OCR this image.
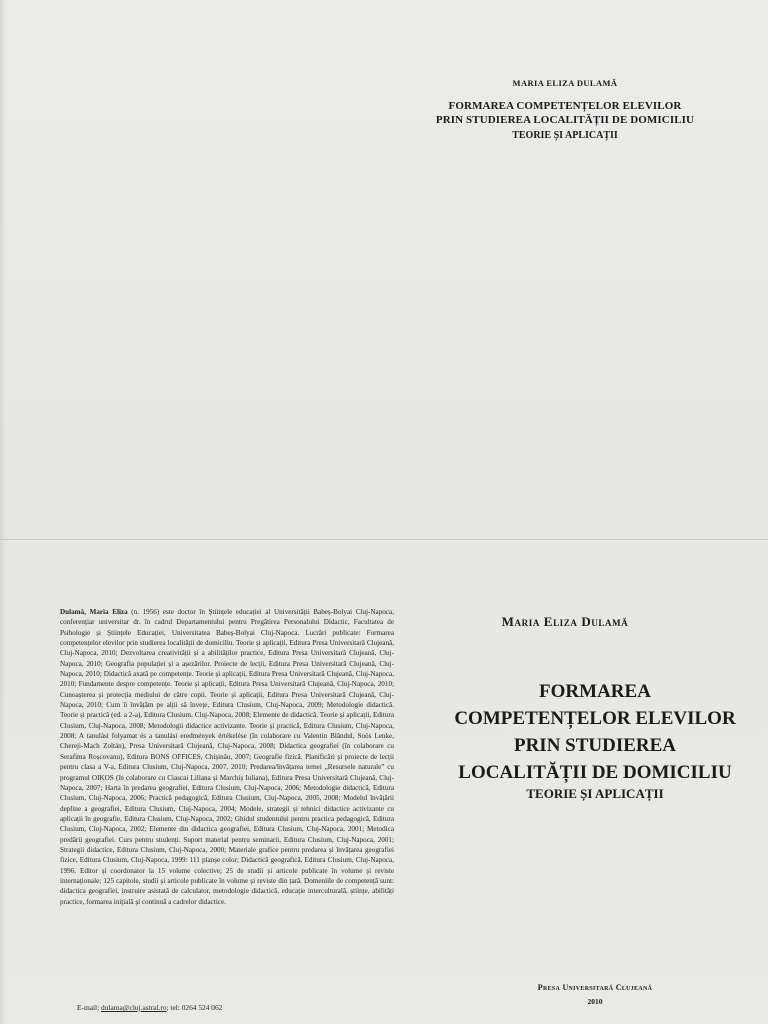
MARIA ELIZA DULAMĂ
FORMAREA COMPETENȚELOR ELEVILOR
PRIN STUDIEREA LOCALITĂȚII DE DOMICILIU
TEORIE ȘI APLICAȚII
Dulamă, Maria Eliza (n. 1956) este doctor în Științele educației al Universității Babeș-Bolyai Cluj-Napoca, conferențiar universitar dr. în cadrul Departamentului pentru Pregătirea Personalului Didactic, Facultatea de Psihologie și Științele Educației, Universitatea Babeș-Bolyai Cluj-Napoca. Lucrări publicate: Formarea competențelor elevilor prin studierea localității de domiciliu. Teorie și aplicații, Editura Presa Universitară Clujeană, Cluj-Napoca, 2010; Dezvoltarea creativității și a abilităților practice, Editura Presa Universitară Clujeană, Cluj-Napoca, 2010; Geografia populației și a așezărilor. Proiecte de lecții, Editura Presa Universitară Clujeană, Cluj-Napoca, 2010; Didactică axată pe competențe. Teorie și aplicații, Editura Presa Universitară Clujeană, Cluj-Napoca, 2010; Fundamente despre competențe. Teorie și aplicații, Editura Presa Universitară Clujeană, Cluj-Napoca, 2010; Cunoașterea și protecția mediului de către copii. Teorie și aplicații, Editura Presa Universitară Clujeană, Cluj-Napoca, 2010; Cum îi învățăm pe alții să învețe, Editura Clusium, Cluj-Napoca, 2009; Metodologie didactică. Teorie și practică (ed. a 2-a), Editura Clusium, Cluj-Napoca, 2008; Elemente de didactică. Teorie și aplicații, Editura Clusium, Cluj-Napoca, 2008; Metodologii didactice activizante. Teorie și practică, Editura Clusium, Cluj-Napoca, 2008; A tanulási folyamat és a tanulási eredmények értékelése (în colaborare cu Valentin Blăndul, Soós Lenke, Chereji-Mach Zoltán), Presa Universitară Clujeană, Cluj-Napoca, 2008; Didactica geografiei (în colaborare cu Serafima Roșcovanu), Editura BONS OFFICES, Chișinău, 2007; Geografie fizică. Planificări și proiecte de lecții pentru clasa a V-a, Editura Clusium, Cluj-Napoca, 2007, 2010; Predarea/învățarea temei „Resursele naturale” cu programul OIKOS (în colaborare cu Ciascai Liliana și Marchiș Iuliana), Editura Presa Universitară Clujeană, Cluj-Napoca, 2007; Harta în predarea geografiei, Editura Clusium, Cluj-Napoca, 2006; Metodologie didactică, Editura Clusium, Cluj-Napoca, 2006; Practică pedagogică, Editura Clusium, Cluj-Napoca, 2005, 2008; Modelul învățării depline a geografiei, Editura Clusium, Cluj-Napoca, 2004; Modele, strategii și tehnici didactice activizante cu aplicații în geografie, Editura Clusium, Cluj-Napoca, 2002; Ghidul studentului pentru practica pedagogică, Editura Clusium, Cluj-Napoca, 2002; Elemente din didactica geografiei, Editura Clusium, Cluj-Napoca, 2001; Metodica predării geografiei. Curs pentru studenți. Suport material pentru seminarii, Editura Clusium, Cluj-Napoca, 2001; Strategii didactice, Editura Clusium, Cluj-Napoca, 2000; Materiale grafice pentru predarea și învățarea geografiei fizice, Editura Clusium, Cluj-Napoca, 1999: 111 planșe color; Didactică geografică, Editura Clusium, Cluj-Napoca, 1996. Editor și coordonator la 15 volume colective; 25 de studii și articole publicate în volume și reviste internaționale; 125 capitole, studii și articole publicate în volume și reviste din țară. Domeniile de competență sunt: didactica geografiei, instruire asistată de calculator, metodologie didactică, educație interculturală, științe, abilități practice, formarea inițială și continuă a cadrelor didactice.
E-mail: dulama@cluj.astral.ro; tel: 0264 524 062
Maria Eliza Dulamă
FORMAREA
COMPETENȚELOR ELEVILOR
PRIN STUDIEREA
LOCALITĂȚII DE DOMICILIU
TEORIE ȘI APLICAȚII
Presa Universitară Clujeană
2010
